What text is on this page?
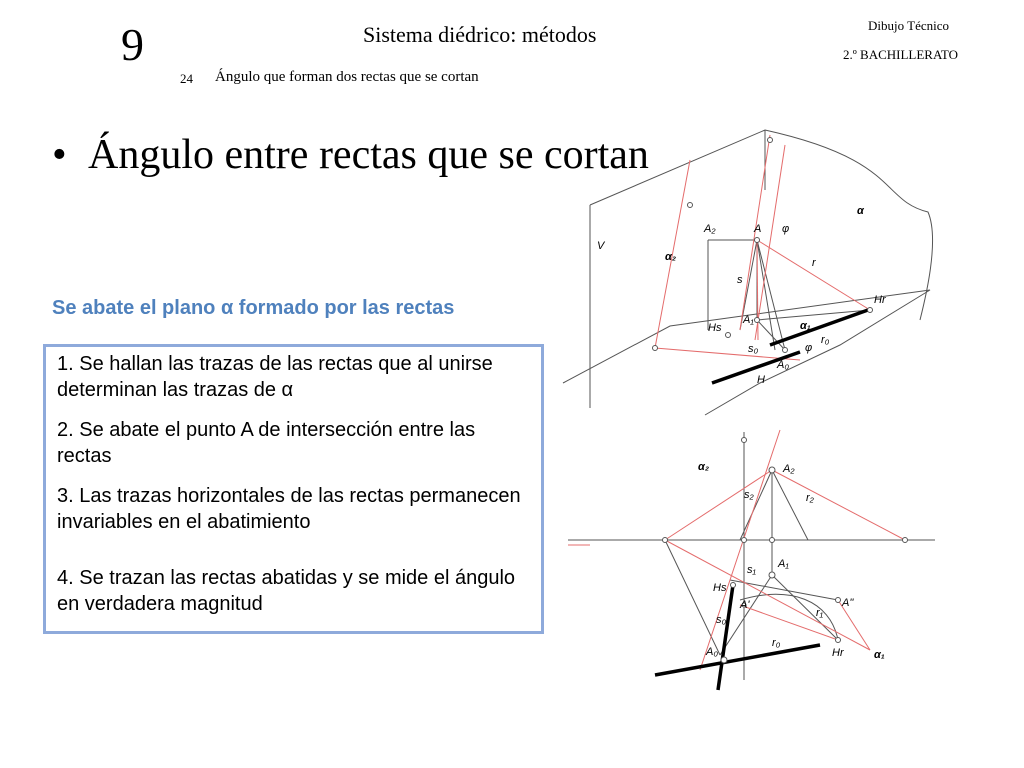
9	Sistema diédrico: métodos	Dibujo Técnico
2.º BACHILLERATO
24 Ángulo que forman dos rectas que se cortan
• Ángulo entre rectas que se cortan
Se abate el plano α formado por las rectas
1. Se hallan las trazas de las rectas que al unirse determinan las trazas de α
2. Se abate el punto A de intersección entre las rectas
3. Las trazas horizontales de las rectas permanecen invariables en el abatimiento
4. Se trazan las rectas abatidas y se mide el ángulo en verdadera magnitud
α
A₂	A φ
V
α₂	r
s
Hr
A₁	α₁
Hs
r₀
s₀	φ
A₀
H
α₂	A₂
s₂	r₂
A₁
s₁
Hs
A'	A''
r₁
s₀
r₀
A₀	Hr	α₁
